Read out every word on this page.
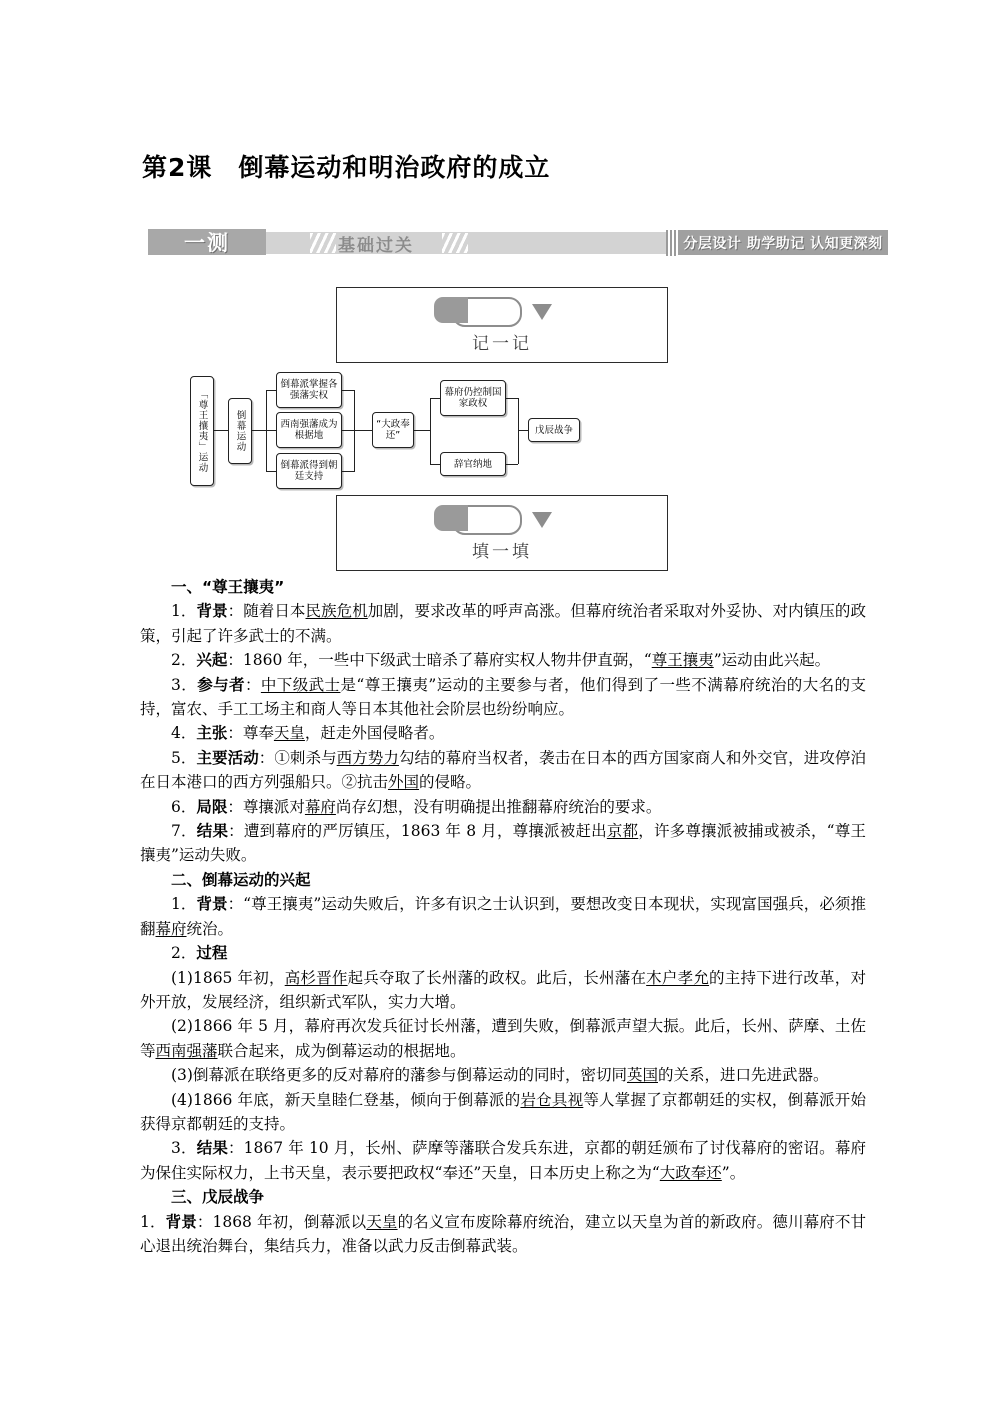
第2课　倒幕运动和明治政府的成立
一测	基础过关	分层设计 助学助记 认知更深刻
记一记
「尊王攘夷」运动	倒幕运动
倒幕派掌握各强藩实权
西南强藩成为根据地
倒幕派得到朝廷支持
“大政奉还”
幕府仍控制国家政权
辞官纳地
戊辰战争
填一填

一、“尊王攘夷”

1．背景：随着日本民族危机加剧，要求改革的呼声高涨。但幕府统治者采取对外妥协、对内镇压的政策，引起了许多武士的不满。

2．兴起：1860 年，一些中下级武士暗杀了幕府实权人物井伊直弼，“尊王攘夷”运动由此兴起。

3．参与者：中下级武士是“尊王攘夷”运动的主要参与者，他们得到了一些不满幕府统治的大名的支持，富农、手工工场主和商人等日本其他社会阶层也纷纷响应。

4．主张：尊奉天皇，赶走外国侵略者。

5．主要活动：①刺杀与西方势力勾结的幕府当权者，袭击在日本的西方国家商人和外交官，进攻停泊在日本港口的西方列强船只。②抗击外国的侵略。

6．局限：尊攘派对幕府尚存幻想，没有明确提出推翻幕府统治的要求。

7．结果：遭到幕府的严厉镇压，1863 年 8 月，尊攘派被赶出京都，许多尊攘派被捕或被杀，“尊王攘夷”运动失败。

二、倒幕运动的兴起

1．背景：“尊王攘夷”运动失败后，许多有识之士认识到，要想改变日本现状，实现富国强兵，必须推翻幕府统治。

2．过程

(1)1865 年初，高杉晋作起兵夺取了长州藩的政权。此后，长州藩在木户孝允的主持下进行改革，对外开放，发展经济，组织新式军队，实力大增。

(2)1866 年 5 月，幕府再次发兵征讨长州藩，遭到失败，倒幕派声望大振。此后，长州、萨摩、土佐等西南强藩联合起来，成为倒幕运动的根据地。

(3)倒幕派在联络更多的反对幕府的藩参与倒幕运动的同时，密切同英国的关系，进口先进武器。

(4)1866 年底，新天皇睦仁登基，倾向于倒幕派的岩仓具视等人掌握了京都朝廷的实权，倒幕派开始获得京都朝廷的支持。

3．结果：1867 年 10 月，长州、萨摩等藩联合发兵东进，京都的朝廷颁布了讨伐幕府的密诏。幕府为保住实际权力，上书天皇，表示要把政权“奉还”天皇，日本历史上称之为“大政奉还”。

三、戊辰战争

1．背景：1868 年初，倒幕派以天皇的名义宣布废除幕府统治，建立以天皇为首的新政府。德川幕府不甘心退出统治舞台，集结兵力，准备以武力反击倒幕武装。
